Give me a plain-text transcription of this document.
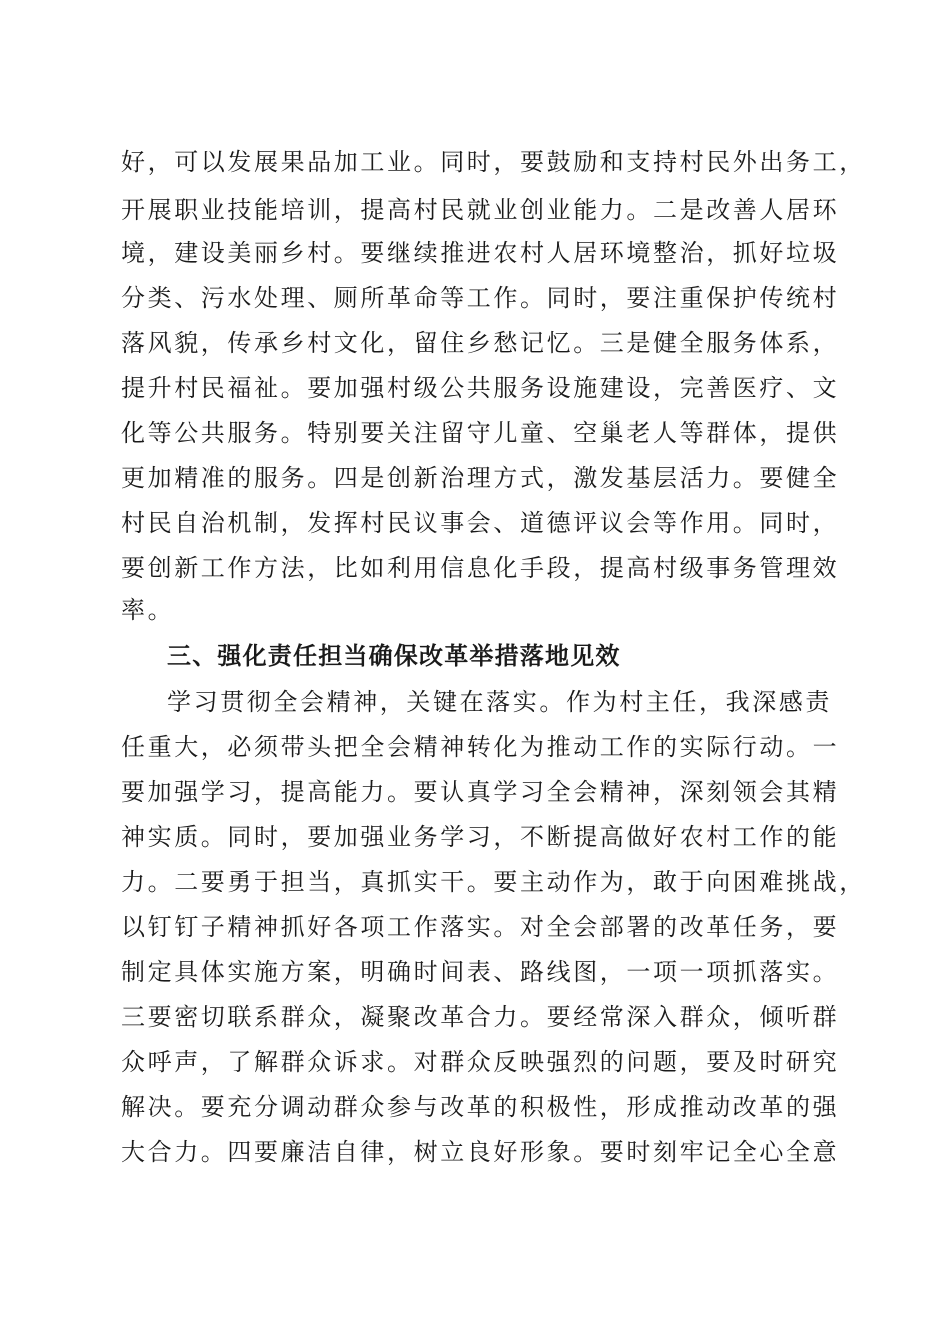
好，可以发展果品加工业。同时，要鼓励和支持村民外出务工，
开展职业技能培训，提高村民就业创业能力。二是改善人居环
境，建设美丽乡村。要继续推进农村人居环境整治，抓好垃圾
分类、污水处理、厕所革命等工作。同时，要注重保护传统村
落风貌，传承乡村文化，留住乡愁记忆。三是健全服务体系，
提升村民福祉。要加强村级公共服务设施建设，完善医疗、文
化等公共服务。特别要关注留守儿童、空巢老人等群体，提供
更加精准的服务。四是创新治理方式，激发基层活力。要健全
村民自治机制，发挥村民议事会、道德评议会等作用。同时，
要创新工作方法，比如利用信息化手段，提高村级事务管理效
率。
三、强化责任担当确保改革举措落地见效
学习贯彻全会精神，关键在落实。作为村主任，我深感责
任重大，必须带头把全会精神转化为推动工作的实际行动。一
要加强学习，提高能力。要认真学习全会精神，深刻领会其精
神实质。同时，要加强业务学习，不断提高做好农村工作的能
力。二要勇于担当，真抓实干。要主动作为，敢于向困难挑战，
以钉钉子精神抓好各项工作落实。对全会部署的改革任务，要
制定具体实施方案，明确时间表、路线图，一项一项抓落实。
三要密切联系群众，凝聚改革合力。要经常深入群众，倾听群
众呼声，了解群众诉求。对群众反映强烈的问题，要及时研究
解决。要充分调动群众参与改革的积极性，形成推动改革的强
大合力。四要廉洁自律，树立良好形象。要时刻牢记全心全意
